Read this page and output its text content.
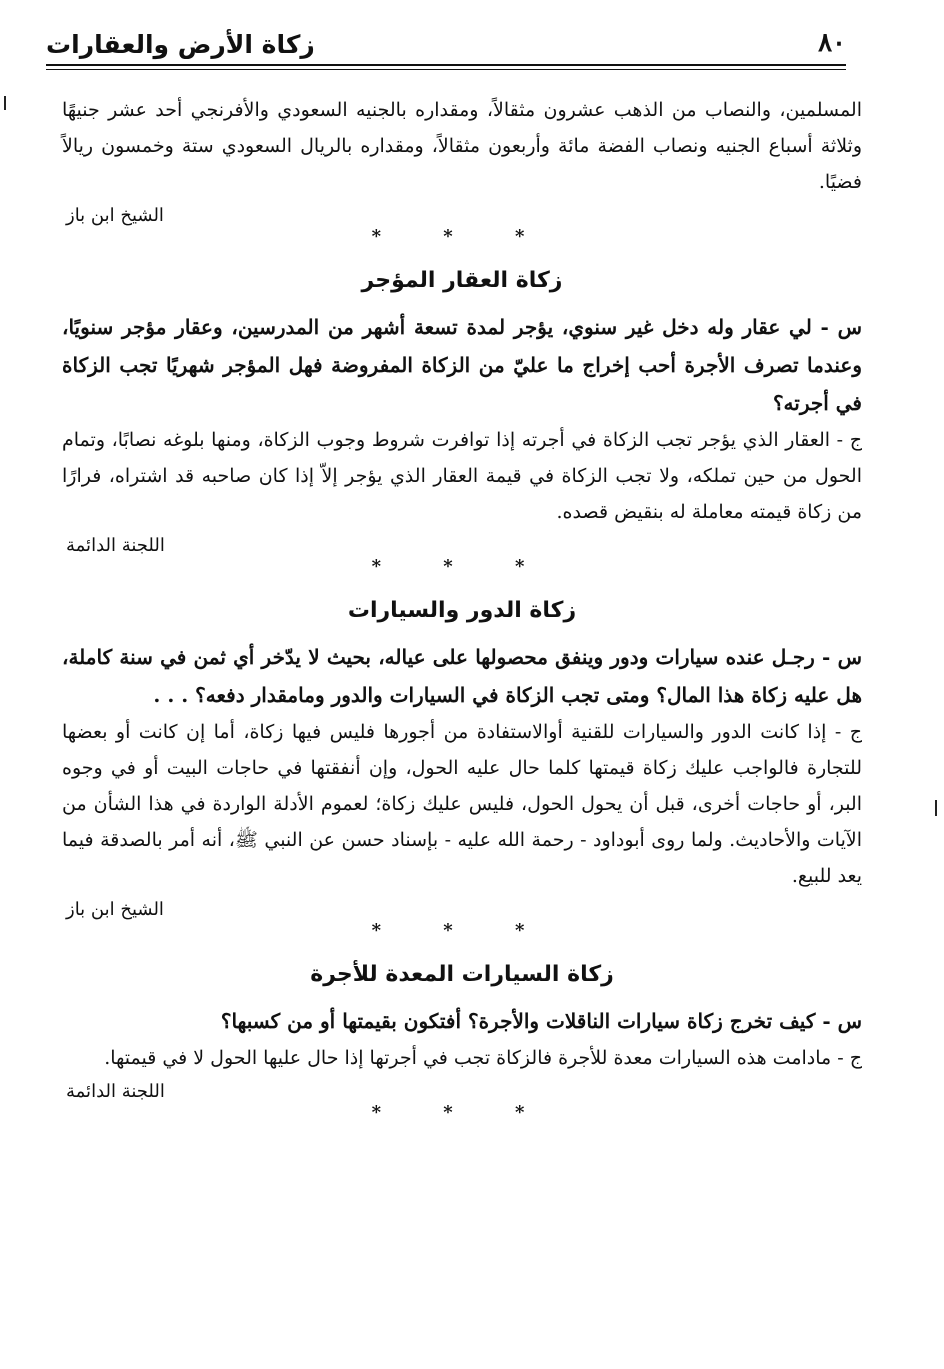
٨٠
زكاة الأرض والعقارات

المسلمين، والنصاب من الذهب عشرون مثقالاً، ومقداره بالجنيه السعودي والأفرنجي أحد عشر جنيهًا وثلاثة أسباع الجنيه ونصاب الفضة مائة وأربعون مثقالاً، ومقداره بالريال السعودي ستة وخمسون ريالاً فضيًا.

الشيخ ابن باز

* * *
زكاة العقار المؤجر

س - لي عقار وله دخل غير سنوي، يؤجر لمدة تسعة أشهر من المدرسين، وعقار مؤجر سنويًا، وعندما تصرف الأجرة أحب إخراج ما عليّ من الزكاة المفروضة فهل المؤجر شهريًا تجب الزكاة في أجرته؟

ج - العقار الذي يؤجر تجب الزكاة في أجرته إذا توافرت شروط وجوب الزكاة، ومنها بلوغه نصابًا، وتمام الحول من حين تملكه، ولا تجب الزكاة في قيمة العقار الذي يؤجر إلاّ إذا كان صاحبه قد اشتراه، فرارًا من زكاة قيمته معاملة له بنقيض قصده.

اللجنة الدائمة

* * *
زكاة الدور والسيارات

س - رجـل عنده سيارات ودور وينفق محصولها على عياله، بحيث لا يدّخر أي ثمن في سنة كاملة، هل عليه زكاة هذا المال؟ ومتى تجب الزكاة في السيارات والدور ومامقدار دفعه؟ . . .

ج - إذا كانت الدور والسيارات للقنية أوالاستفادة من أجورها فليس فيها زكاة، أما إن كانت أو بعضها للتجارة فالواجب عليك زكاة قيمتها كلما حال عليه الحول، وإن أنفقتها في حاجات البيت أو في وجوه البر، أو حاجات أخرى، قبل أن يحول الحول، فليس عليك زكاة؛ لعموم الأدلة الواردة في هذا الشأن من الآيات والأحاديث. ولما روى أبوداود - رحمة الله عليه - بإسناد حسن عن النبي ﷺ، أنه أمر بالصدقة فيما يعد للبيع.

الشيخ ابن باز

* * *
زكاة السيارات المعدة للأجرة

س - كيف تخرج زكاة سيارات الناقلات والأجرة؟ أفتكون بقيمتها أو من كسبها؟

ج - مادامت هذه السيارات معدة للأجرة فالزكاة تجب في أجرتها إذا حال عليها الحول لا في قيمتها.

اللجنة الدائمة

* * *
